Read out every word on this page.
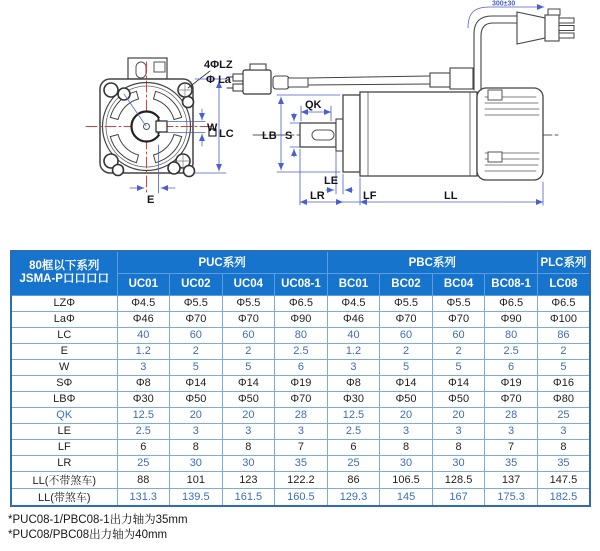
4ΦLZ
Φ La
W LC
E
300±30
QK
LB S
LE
LR	LF	LL
80框以下系列
JSMA-P口口口口	PUC系列				PBC系列				PLC系列
	UC01	UC02	UC04	UC08-1	BC01	BC02	BC04	BC08-1	LC08
LZΦ	Φ4.5	Φ5.5	Φ5.5	Φ6.5	Φ4.5	Φ5.5	Φ5.5	Φ6.5	Φ6.5
LaΦ	Φ46	Φ70	Φ70	Φ90	Φ46	Φ70	Φ70	Φ90	Φ100
LC	40	60	60	80	40	60	60	80	86
E	1.2	2	2	2.5	1.2	2	2	2.5	2
W	3	5	5	6	3	5	5	6	5
SΦ	Φ8	Φ14	Φ14	Φ19	Φ8	Φ14	Φ14	Φ19	Φ16
LBΦ	Φ30	Φ50	Φ50	Φ70	Φ30	Φ50	Φ50	Φ70	Φ80
QK	12.5	20	20	28	12.5	20	20	28	25
LE	2.5	3	3	3	2.5	3	3	3	3
LF	6	8	8	7	6	8	8	7	8
LR	25	30	30	35	25	30	30	35	35
LL(不带煞车)	88	101	123	122.2	86	106.5	128.5	137	147.5
LL(带煞车)	131.3	139.5	161.5	160.5	129.3	145	167	175.3	182.5
*PUC08-1/PBC08-1出力轴为35mm
*PUC08/PBC08出力轴为40mm
